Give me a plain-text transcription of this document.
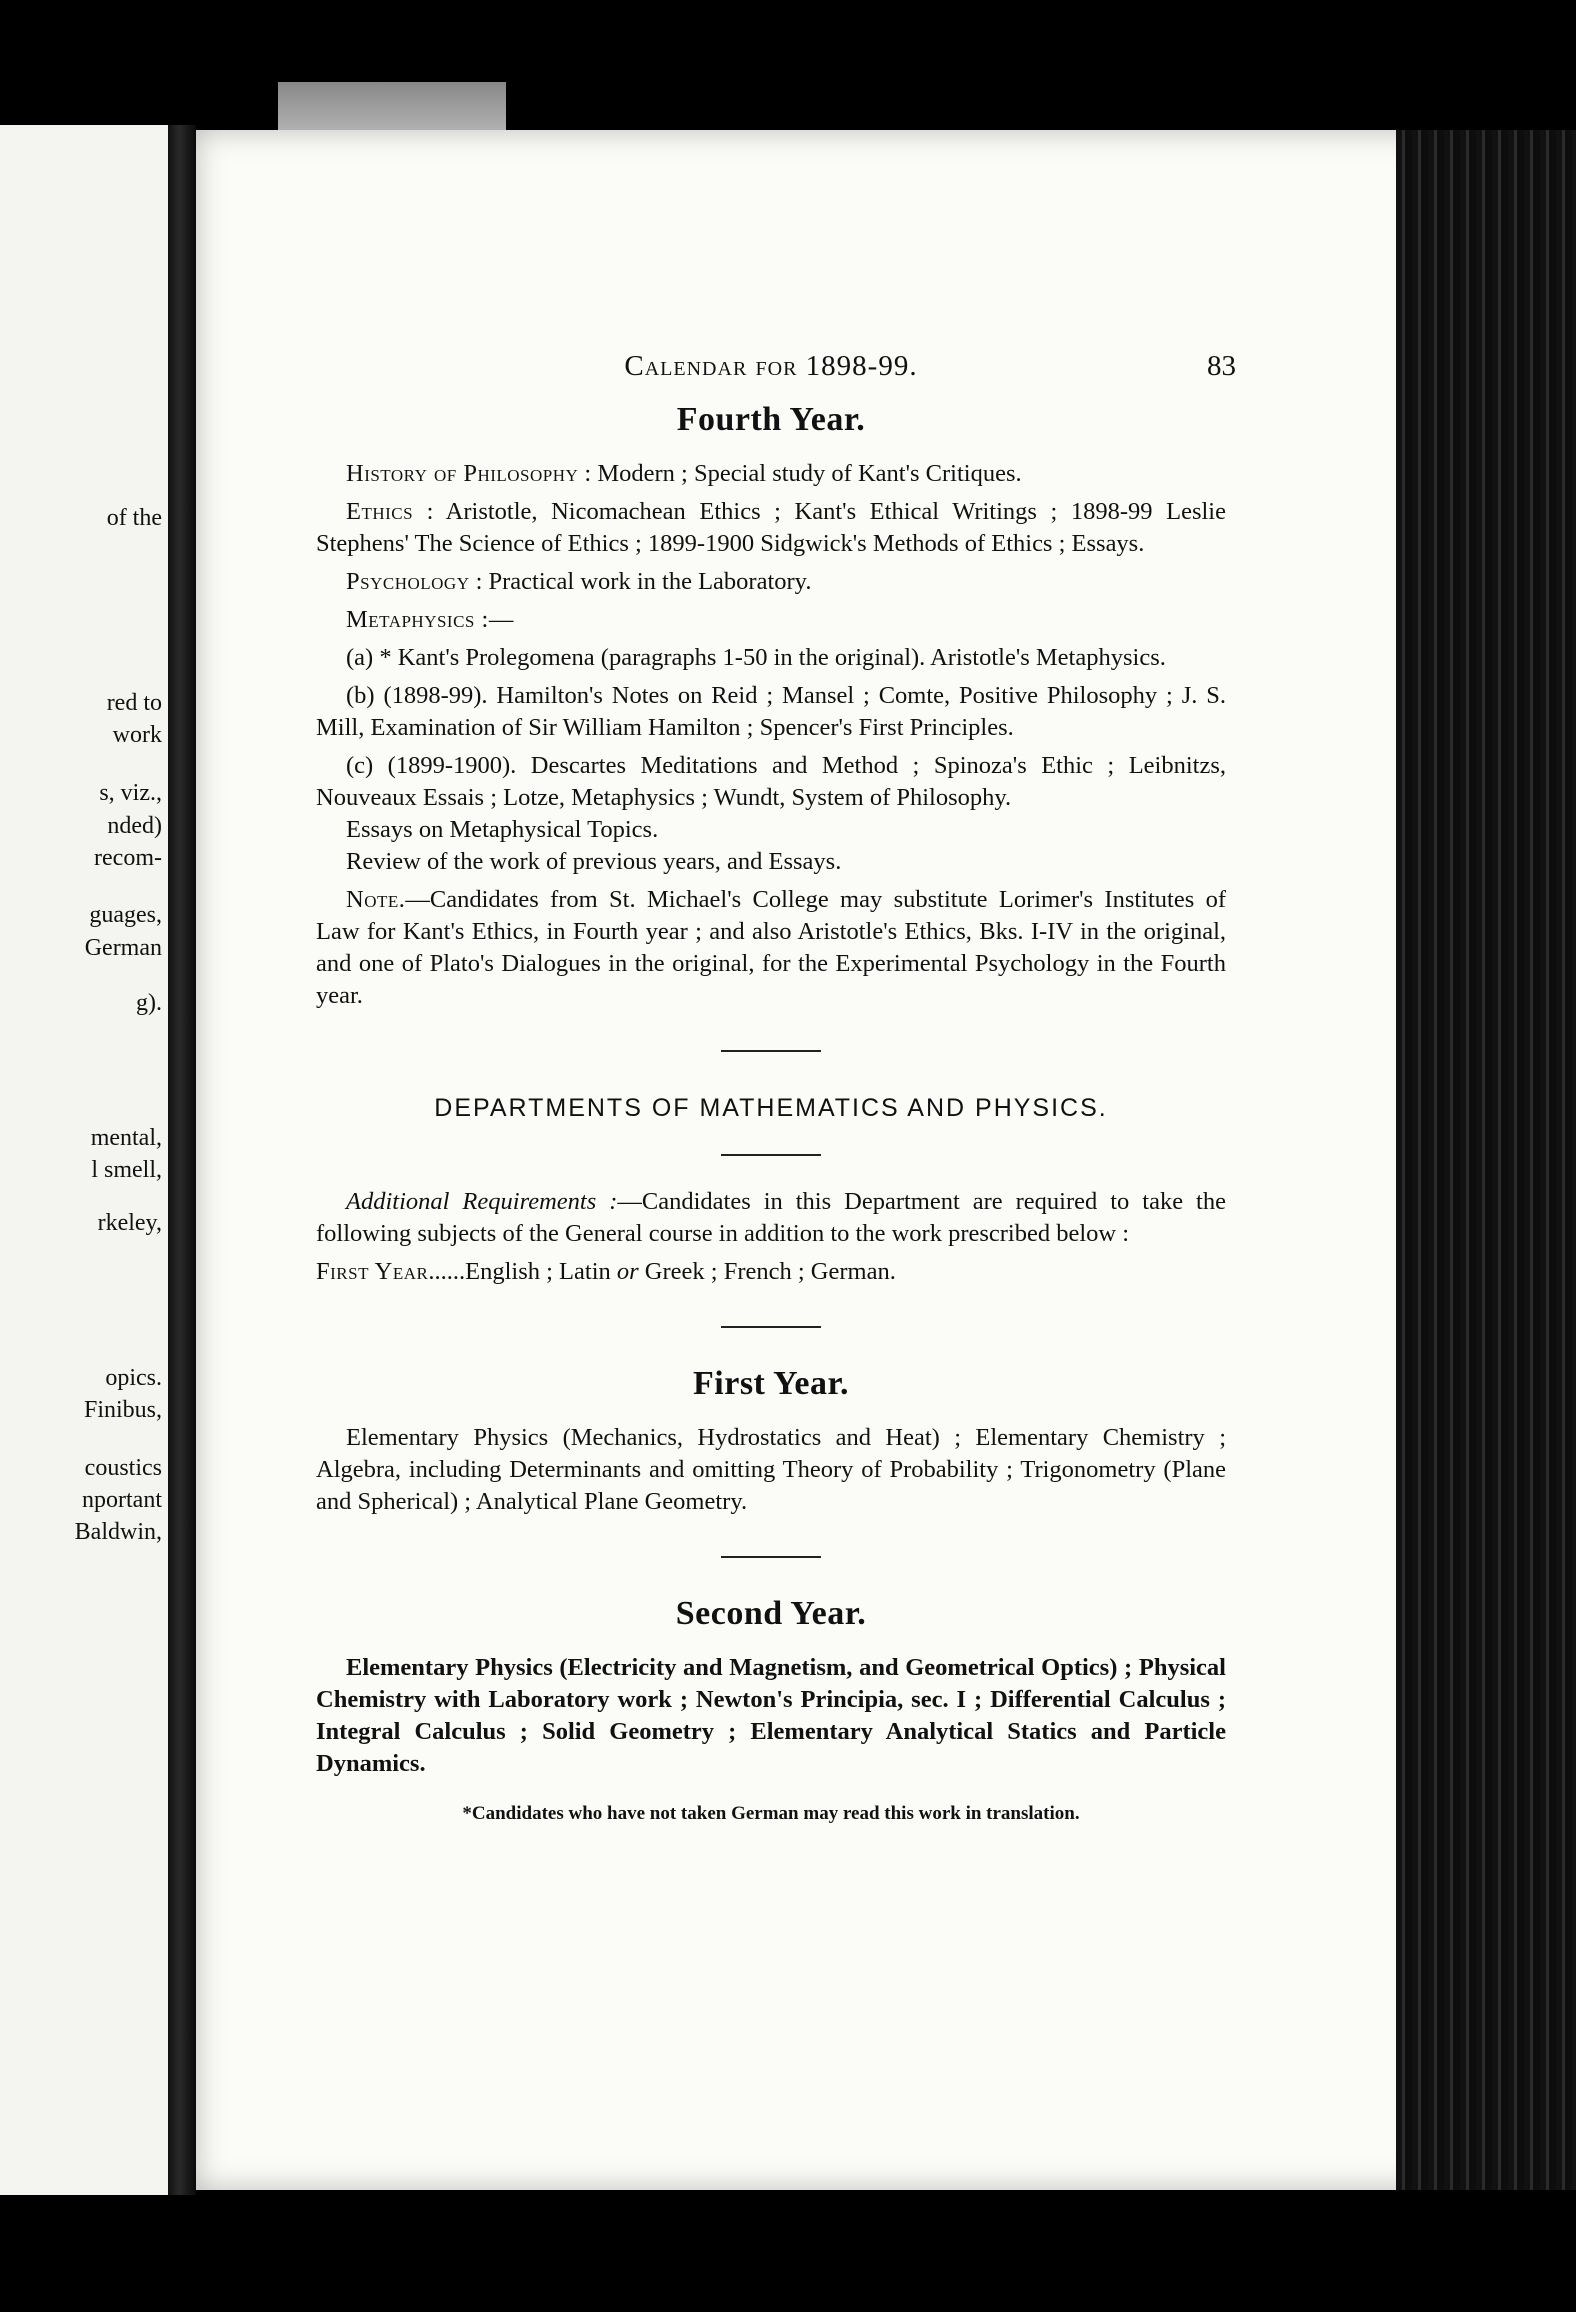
of the
red to
work
s, viz.,
nded)
recom-
guages,
German
g).
mental,
l smell,
rkeley,
opics.
Finibus,
coustics
nportant
Baldwin,
Calendar for 1898-99.	83
Fourth Year.

History of Philosophy : Modern ; Special study of Kant's Critiques.

Ethics : Aristotle, Nicomachean Ethics ; Kant's Ethical Writings ; 1898-99 Leslie Stephens' The Science of Ethics ; 1899-1900 Sidgwick's Methods of Ethics ; Essays.

Psychology : Practical work in the Laboratory.

Metaphysics :—

(a) * Kant's Prolegomena (paragraphs 1-50 in the original). Aristotle's Metaphysics.

(b) (1898-99). Hamilton's Notes on Reid ; Mansel ; Comte, Positive Philosophy ; J. S. Mill, Examination of Sir William Hamilton ; Spencer's First Principles.

(c) (1899-1900). Descartes Meditations and Method ; Spinoza's Ethic ; Leibnitzs, Nouveaux Essais ; Lotze, Metaphysics ; Wundt, System of Philosophy.

Essays on Metaphysical Topics.

Review of the work of previous years, and Essays.

Note.—Candidates from St. Michael's College may substitute Lorimer's Institutes of Law for Kant's Ethics, in Fourth year ; and also Aristotle's Ethics, Bks. I-IV in the original, and one of Plato's Dialogues in the original, for the Experimental Psychology in the Fourth year.

DEPARTMENTS OF MATHEMATICS AND PHYSICS.

Additional Requirements :—Candidates in this Department are required to take the following subjects of the General course in addition to the work prescribed below :

First Year......English ; Latin or Greek ; French ; German.

First Year.

Elementary Physics (Mechanics, Hydrostatics and Heat) ; Elementary Chemistry ; Algebra, including Determinants and omitting Theory of Probability ; Trigonometry (Plane and Spherical) ; Analytical Plane Geometry.

Second Year.

Elementary Physics (Electricity and Magnetism, and Geometrical Optics) ; Physical Chemistry with Laboratory work ; Newton's Principia, sec. I ; Differential Calculus ; Integral Calculus ; Solid Geometry ; Elementary Analytical Statics and Particle Dynamics.

*Candidates who have not taken German may read this work in translation.
